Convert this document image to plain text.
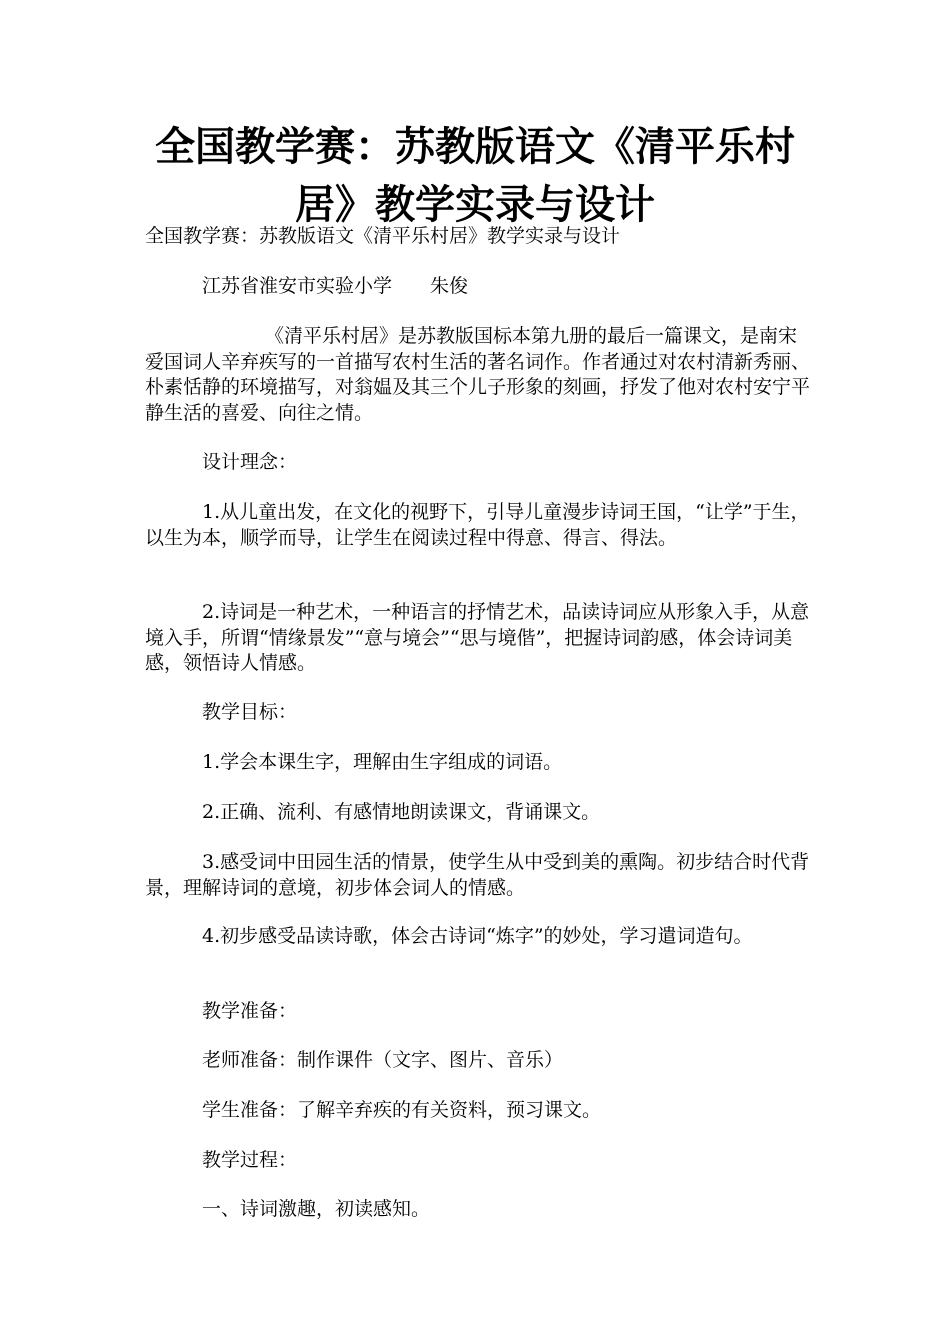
全国教学赛：苏教版语文《清平乐村居》教学实录与设计

全国教学赛：苏教版语文《清平乐村居》教学实录与设计

江苏省淮安市实验小学　　朱俊

《清平乐村居》是苏教版国标本第九册的最后一篇课文，是南宋爱国词人辛弃疾写的一首描写农村生活的著名词作。作者通过对农村清新秀丽、朴素恬静的环境描写，对翁媪及其三个儿子形象的刻画，抒发了他对农村安宁平静生活的喜爱、向往之情。

设计理念：

1.从儿童出发，在文化的视野下，引导儿童漫步诗词王国，“让学”于生，以生为本，顺学而导，让学生在阅读过程中得意、得言、得法。

2.诗词是一种艺术，一种语言的抒情艺术，品读诗词应从形象入手，从意境入手，所谓“情缘景发”“意与境会”“思与境偕”，把握诗词韵感，体会诗词美感，领悟诗人情感。

教学目标：

1.学会本课生字，理解由生字组成的词语。

2.正确、流利、有感情地朗读课文，背诵课文。

3.感受词中田园生活的情景，使学生从中受到美的熏陶。初步结合时代背景，理解诗词的意境，初步体会词人的情感。

4.初步感受品读诗歌，体会古诗词“炼字”的妙处，学习遣词造句。

教学准备：

老师准备：制作课件（文字、图片、音乐）

学生准备：了解辛弃疾的有关资料，预习课文。

教学过程：

一、诗词激趣，初读感知。
